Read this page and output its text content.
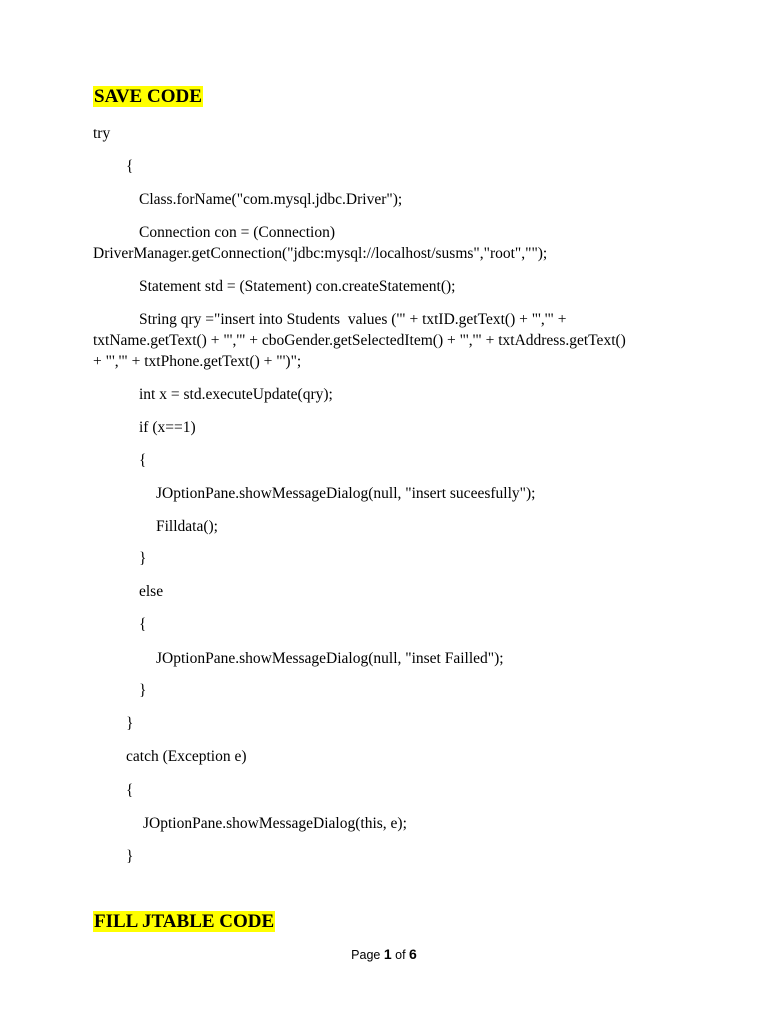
SAVE CODE

try

{

Class.forName("com.mysql.jdbc.Driver");

Connection con = (Connection)

DriverManager.getConnection("jdbc:mysql://localhost/susms","root","");

Statement std = (Statement) con.createStatement();

String qry ="insert into Students  values ('" + txtID.getText() + "','" +

txtName.getText() + "','" + cboGender.getSelectedItem() + "','" + txtAddress.getText()

+ "','" + txtPhone.getText() + "')";

int x = std.executeUpdate(qry);

if (x==1)

{

JOptionPane.showMessageDialog(null, "insert suceesfully");

Filldata();

}

else

{

JOptionPane.showMessageDialog(null, "inset Failled");

}

}

catch (Exception e)

{

JOptionPane.showMessageDialog(this, e);

}

FILL JTABLE CODE
Page 1 of 6
